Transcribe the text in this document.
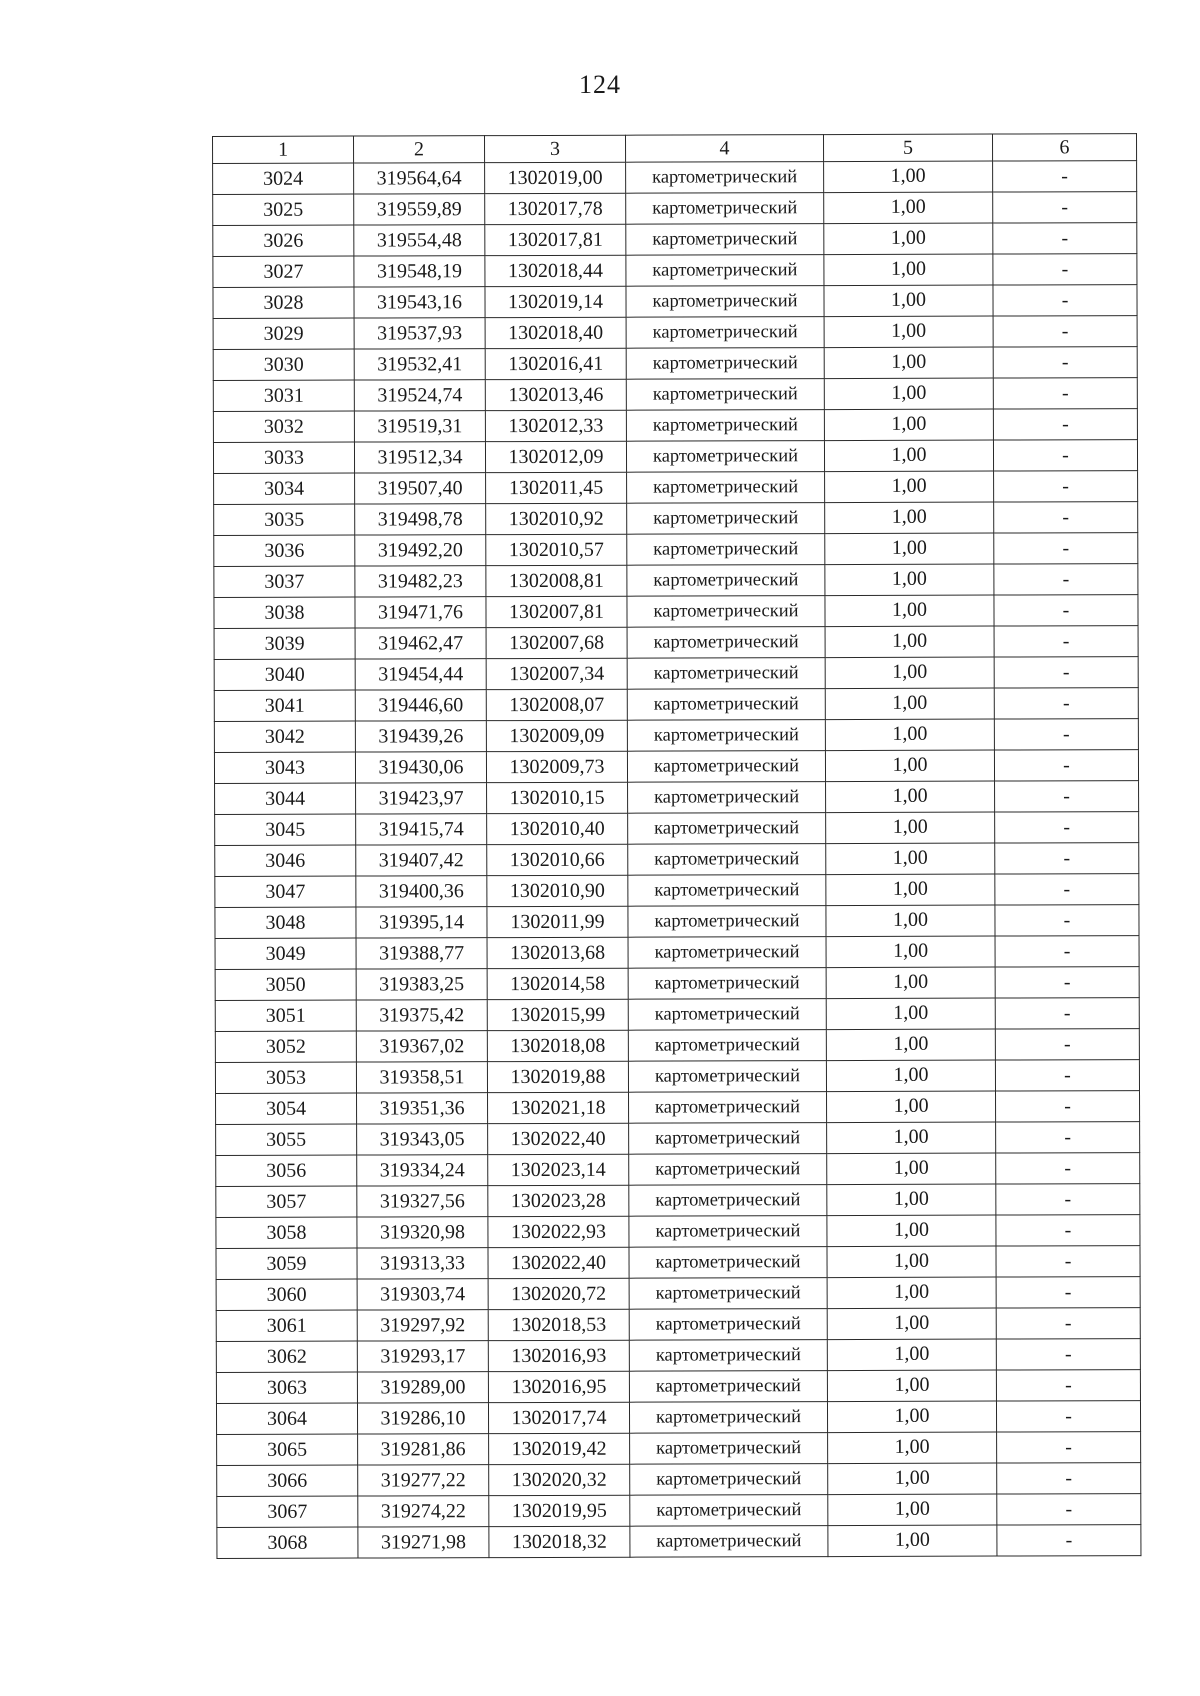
124
1	2	3	4	5	6
3024	319564,64	1302019,00	картометрический	1,00	-
3025	319559,89	1302017,78	картометрический	1,00	-
3026	319554,48	1302017,81	картометрический	1,00	-
3027	319548,19	1302018,44	картометрический	1,00	-
3028	319543,16	1302019,14	картометрический	1,00	-
3029	319537,93	1302018,40	картометрический	1,00	-
3030	319532,41	1302016,41	картометрический	1,00	-
3031	319524,74	1302013,46	картометрический	1,00	-
3032	319519,31	1302012,33	картометрический	1,00	-
3033	319512,34	1302012,09	картометрический	1,00	-
3034	319507,40	1302011,45	картометрический	1,00	-
3035	319498,78	1302010,92	картометрический	1,00	-
3036	319492,20	1302010,57	картометрический	1,00	-
3037	319482,23	1302008,81	картометрический	1,00	-
3038	319471,76	1302007,81	картометрический	1,00	-
3039	319462,47	1302007,68	картометрический	1,00	-
3040	319454,44	1302007,34	картометрический	1,00	-
3041	319446,60	1302008,07	картометрический	1,00	-
3042	319439,26	1302009,09	картометрический	1,00	-
3043	319430,06	1302009,73	картометрический	1,00	-
3044	319423,97	1302010,15	картометрический	1,00	-
3045	319415,74	1302010,40	картометрический	1,00	-
3046	319407,42	1302010,66	картометрический	1,00	-
3047	319400,36	1302010,90	картометрический	1,00	-
3048	319395,14	1302011,99	картометрический	1,00	-
3049	319388,77	1302013,68	картометрический	1,00	-
3050	319383,25	1302014,58	картометрический	1,00	-
3051	319375,42	1302015,99	картометрический	1,00	-
3052	319367,02	1302018,08	картометрический	1,00	-
3053	319358,51	1302019,88	картометрический	1,00	-
3054	319351,36	1302021,18	картометрический	1,00	-
3055	319343,05	1302022,40	картометрический	1,00	-
3056	319334,24	1302023,14	картометрический	1,00	-
3057	319327,56	1302023,28	картометрический	1,00	-
3058	319320,98	1302022,93	картометрический	1,00	-
3059	319313,33	1302022,40	картометрический	1,00	-
3060	319303,74	1302020,72	картометрический	1,00	-
3061	319297,92	1302018,53	картометрический	1,00	-
3062	319293,17	1302016,93	картометрический	1,00	-
3063	319289,00	1302016,95	картометрический	1,00	-
3064	319286,10	1302017,74	картометрический	1,00	-
3065	319281,86	1302019,42	картометрический	1,00	-
3066	319277,22	1302020,32	картометрический	1,00	-
3067	319274,22	1302019,95	картометрический	1,00	-
3068	319271,98	1302018,32	картометрический	1,00	-
